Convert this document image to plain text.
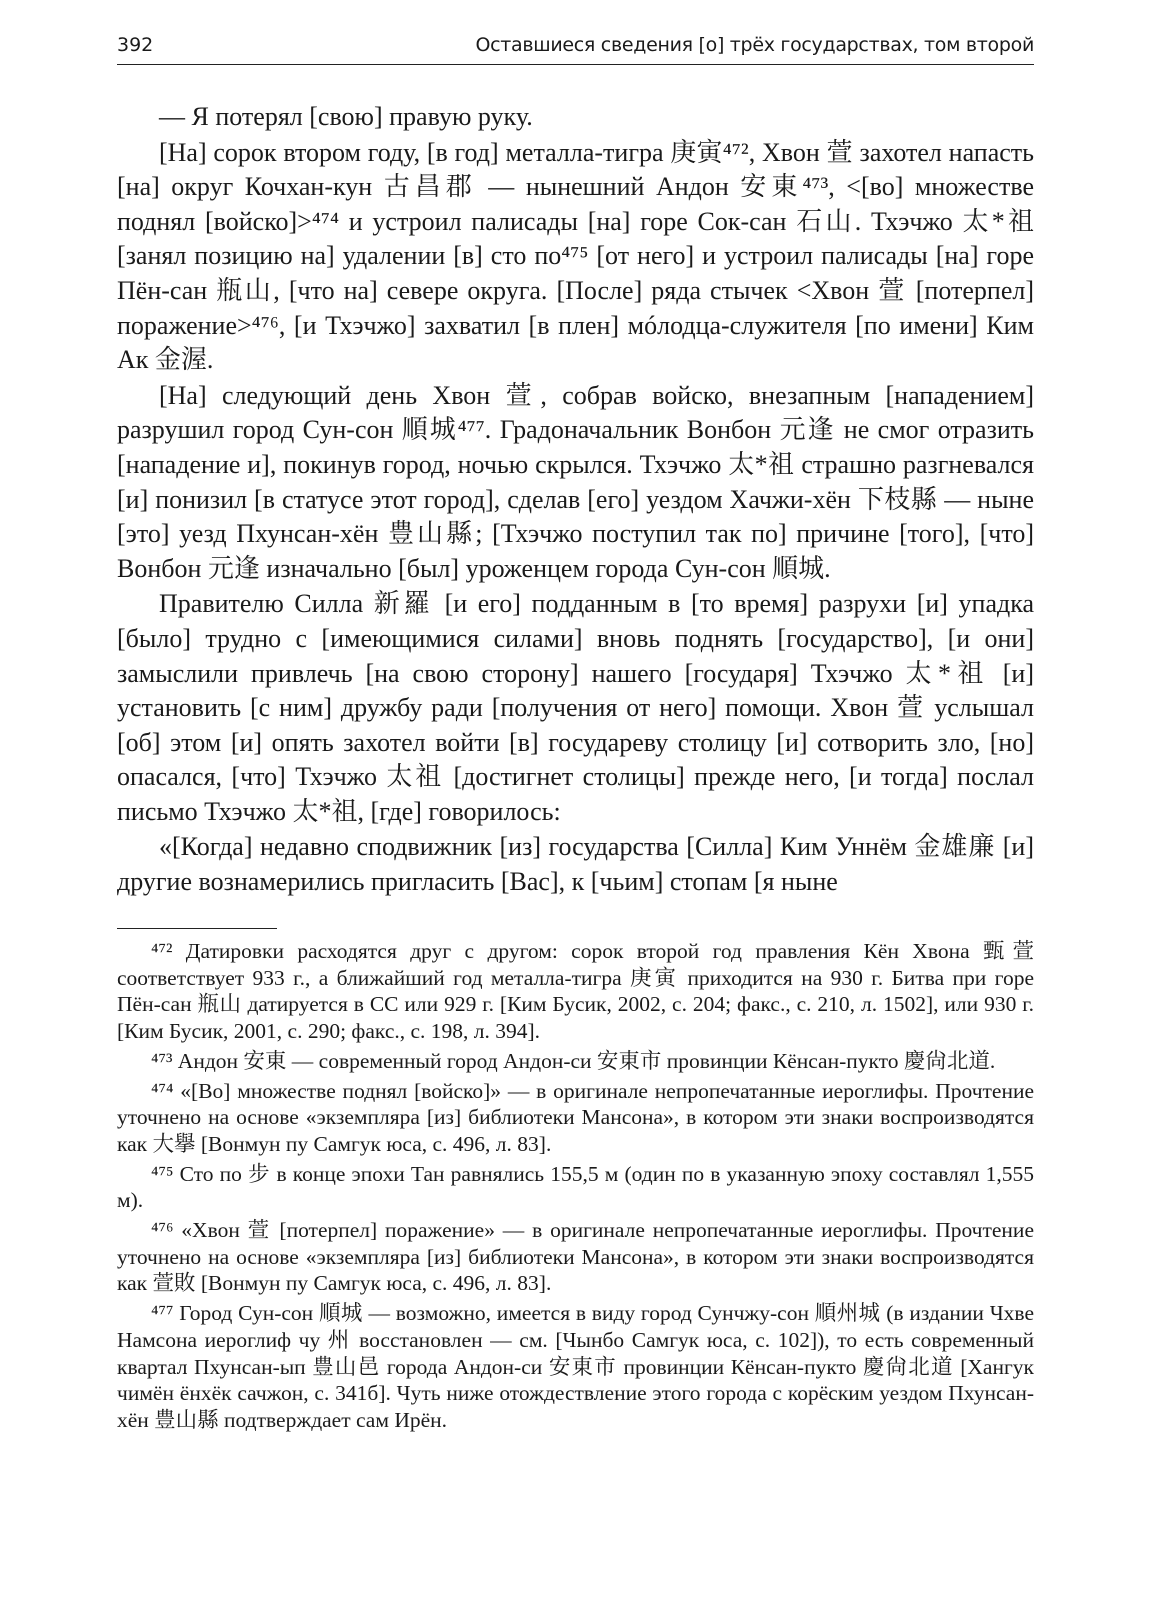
392	Оставшиеся сведения [о] трёх государствах, том второй

— Я потерял [свою] правую руку.

[На] сорок втором году, [в год] металла-тигра 庚寅⁴⁷², Хвон 萱 захотел напасть [на] округ Кочхан-кун 古昌郡 — нынешний Андон 安東⁴⁷³, <[во] множестве поднял [войско]>⁴⁷⁴ и устроил палисады [на] горе Сок-сан 石山. Тхэчжо 太*祖 [занял позицию на] удалении [в] сто по⁴⁷⁵ [от него] и устроил палисады [на] горе Пён-сан 瓶山, [что на] севере округа. [После] ряда стычек <Хвон 萱 [потерпел] поражение>⁴⁷⁶, [и Тхэчжо] захватил [в плен] мóлодца-служителя [по имени] Ким Ак 金渥.

[На] следующий день Хвон 萱, собрав войско, внезапным [нападением] разрушил город Сун-сон 順城⁴⁷⁷. Градоначальник Вонбон 元逢 не смог отразить [нападение и], покинув город, ночью скрылся. Тхэчжо 太*祖 страшно разгневался [и] понизил [в статусе этот город], сделав [его] уездом Хачжи-хён 下枝縣 — ныне [это] уезд Пхунсан-хён 豊山縣; [Тхэчжо поступил так по] причине [того], [что] Вонбон 元逢 изначально [был] уроженцем города Сун-сон 順城.

Правителю Силла 新羅 [и его] подданным в [то время] разрухи [и] упадка [было] трудно с [имеющимися силами] вновь поднять [государство], [и они] замыслили привлечь [на свою сторону] нашего [государя] Тхэчжо 太*祖 [и] установить [с ним] дружбу ради [получения от него] помощи. Хвон 萱 услышал [об] этом [и] опять захотел войти [в] государеву столицу [и] сотворить зло, [но] опасался, [что] Тхэчжо 太祖 [достигнет столицы] прежде него, [и тогда] послал письмо Тхэчжо 太*祖, [где] говорилось:

«[Когда] недавно сподвижник [из] государства [Силла] Ким Уннём 金雄廉 [и] другие вознамерились пригласить [Вас], к [чьим] стопам [я ныне

⁴⁷² Датировки расходятся друг с другом: сорок второй год правления Кён Хвона 甄萱 соответствует 933 г., а ближайший год металла-тигра 庚寅 приходится на 930 г. Битва при горе Пён-сан 瓶山 датируется в СС или 929 г. [Ким Бусик, 2002, с. 204; факс., с. 210, л. 1502], или 930 г. [Ким Бусик, 2001, с. 290; факс., с. 198, л. 394].

⁴⁷³ Андон 安東 — современный город Андон-си 安東市 провинции Кёнсан-пукто 慶尙北道.

⁴⁷⁴ «[Во] множестве поднял [войско]» — в оригинале непропечатанные иероглифы. Прочтение уточнено на основе «экземпляра [из] библиотеки Мансона», в котором эти знаки воспроизводятся как 大擧 [Вонмун пу Самгук юса, с. 496, л. 83].

⁴⁷⁵ Сто по 步 в конце эпохи Тан равнялись 155,5 м (один по в указанную эпоху составлял 1,555 м).

⁴⁷⁶ «Хвон 萱 [потерпел] поражение» — в оригинале непропечатанные иероглифы. Прочтение уточнено на основе «экземпляра [из] библиотеки Мансона», в котором эти знаки воспроизводятся как 萱敗 [Вонмун пу Самгук юса, с. 496, л. 83].

⁴⁷⁷ Город Сун-сон 順城 — возможно, имеется в виду город Сунчжу-сон 順州城 (в издании Чхве Намсона иероглиф чу 州 восстановлен — см. [Чынбо Самгук юса, с. 102]), то есть современный квартал Пхунсан-ып 豊山邑 города Андон-си 安東市 провинции Кёнсан-пукто 慶尙北道 [Хангук чимён ёнхёк сачжон, с. 341б]. Чуть ниже отождествление этого города с корёским уездом Пхунсан-хён 豊山縣 подтверждает сам Ирён.
